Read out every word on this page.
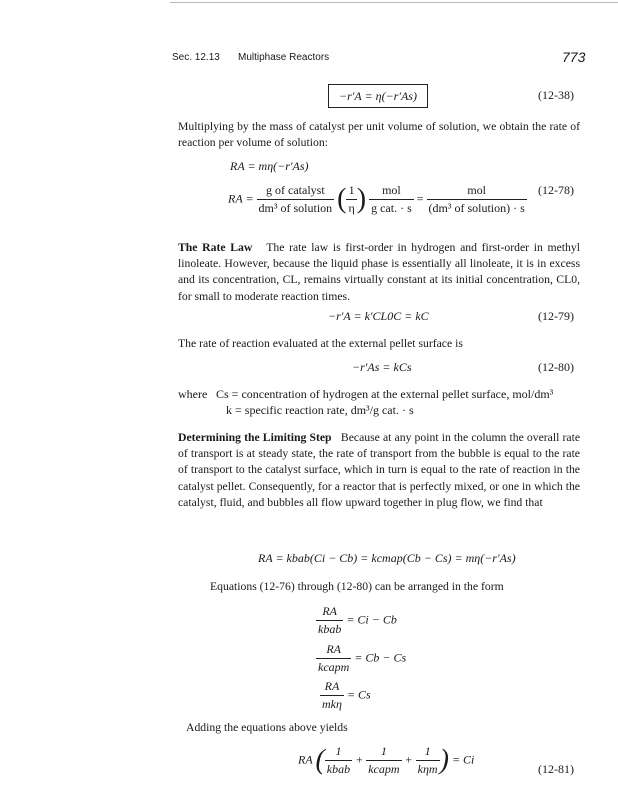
Sec. 12.13 Multiphase Reactors	773
−r′A = η(−r′As)	(12-38)
Multiplying by the mass of catalyst per unit volume of solution, we obtain the rate of reaction per volume of solution:
RA = mη(−r′As)
RA = $\frac{\text{g of catalyst}}{\text{dm³ of solution}}$ ( $\frac{1}{\eta}$ ) $\frac{\text{mol}}{\text{g cat. · s}} = \frac{\text{mol}}{\text{(dm³ of solution) · s}} (12-78)$
The Rate Law The rate law is first-order in hydrogen and first-order in methyl linoleate. However, because the liquid phase is essentially all linoleate, it is in excess and its concentration, CL, remains virtually constant at its initial concentration, CL0, for small to moderate reaction times.
−r′A = k′CL0C = kC	(12-79)
The rate of reaction evaluated at the external pellet surface is
−r′As = kCs	(12-80)
where Cs = concentration of hydrogen at the external pellet surface, mol/dm³
k = specific reaction rate, dm³/g cat. · s
Determining the Limiting Step Because at any point in the column the overall rate of transport is at steady state, the rate of transport from the bubble is equal to the rate of transport to the catalyst surface, which in turn is equal to the rate of reaction in the catalyst pellet. Consequently, for a reactor that is perfectly mixed, or one in which the catalyst, fluid, and bubbles all flow upward together in plug flow, we find that
RA = kbab(Ci − Cb) = kcmap(Cb − Cs) = mη(−r′As)
Equations (12-76) through (12-80) can be arranged in the form
$\frac{RA}{\text{kbab}} = Ci - Cb$
$\frac{RA}{\text{kcapm}} = Cb - Cs$
$\frac{RA}{\text{mkη}} = Cs$
Adding the equations above yields
RA ( $\frac{1}{\text{kbab}} + \frac{1}{\text{kcapm}} + \frac{1}{\text{kηm}}$ ) = Ci
(12-81)
